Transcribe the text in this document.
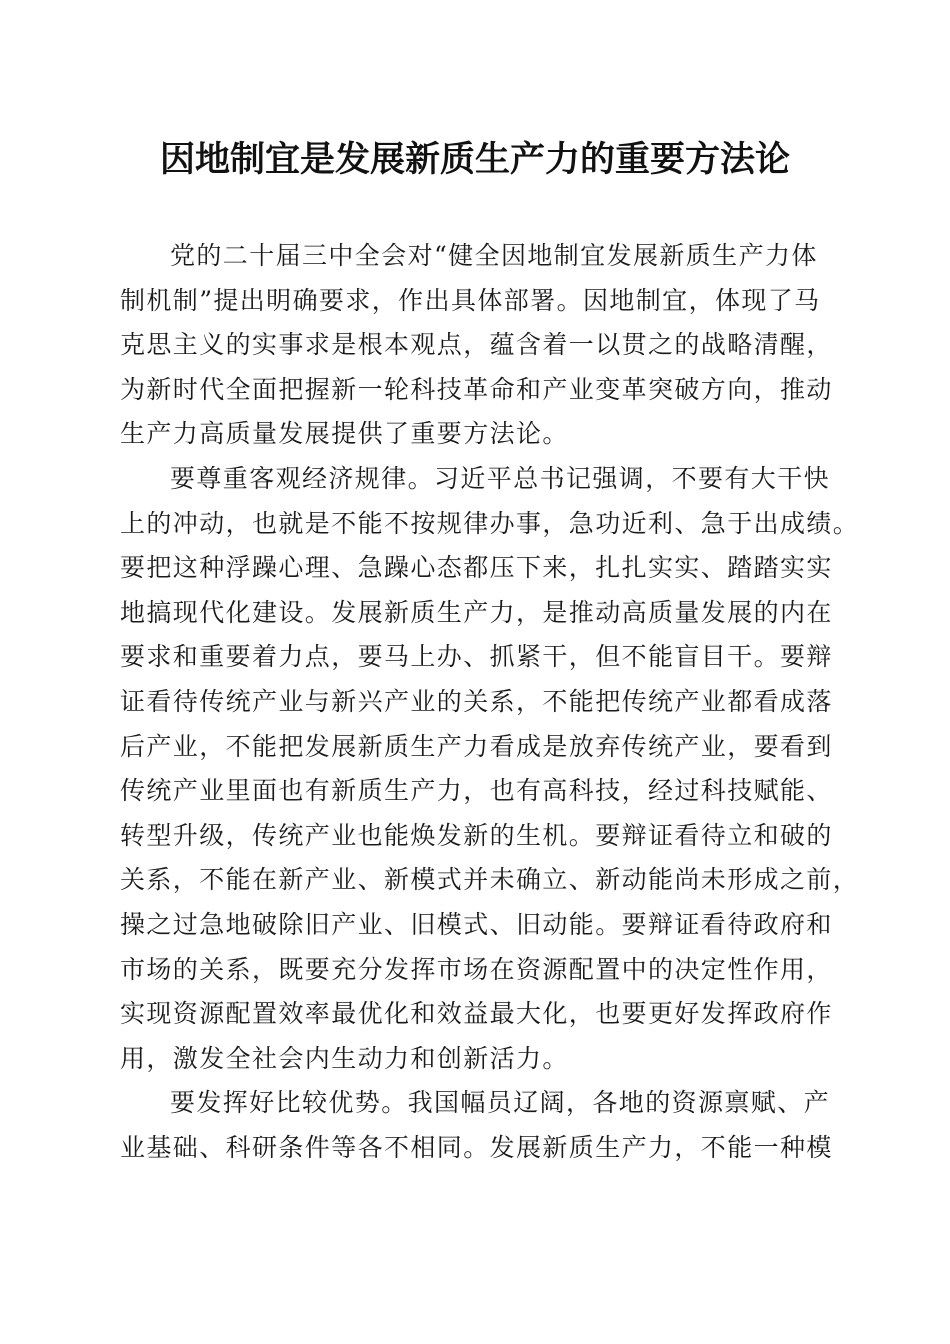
因地制宜是发展新质生产力的重要方法论
党的二十届三中全会对“健全因地制宜发展新质生产力体
制机制”提出明确要求，作出具体部署。因地制宜，体现了马
克思主义的实事求是根本观点，蕴含着一以贯之的战略清醒，
为新时代全面把握新一轮科技革命和产业变革突破方向，推动
生产力高质量发展提供了重要方法论。
要尊重客观经济规律。习近平总书记强调，不要有大干快
上的冲动，也就是不能不按规律办事，急功近利、急于出成绩。
要把这种浮躁心理、急躁心态都压下来，扎扎实实、踏踏实实
地搞现代化建设。发展新质生产力，是推动高质量发展的内在
要求和重要着力点，要马上办、抓紧干，但不能盲目干。要辩
证看待传统产业与新兴产业的关系，不能把传统产业都看成落
后产业，不能把发展新质生产力看成是放弃传统产业，要看到
传统产业里面也有新质生产力，也有高科技，经过科技赋能、
转型升级，传统产业也能焕发新的生机。要辩证看待立和破的
关系，不能在新产业、新模式并未确立、新动能尚未形成之前，
操之过急地破除旧产业、旧模式、旧动能。要辩证看待政府和
市场的关系，既要充分发挥市场在资源配置中的决定性作用，
实现资源配置效率最优化和效益最大化，也要更好发挥政府作
用，激发全社会内生动力和创新活力。
要发挥好比较优势。我国幅员辽阔，各地的资源禀赋、产
业基础、科研条件等各不相同。发展新质生产力，不能一种模
